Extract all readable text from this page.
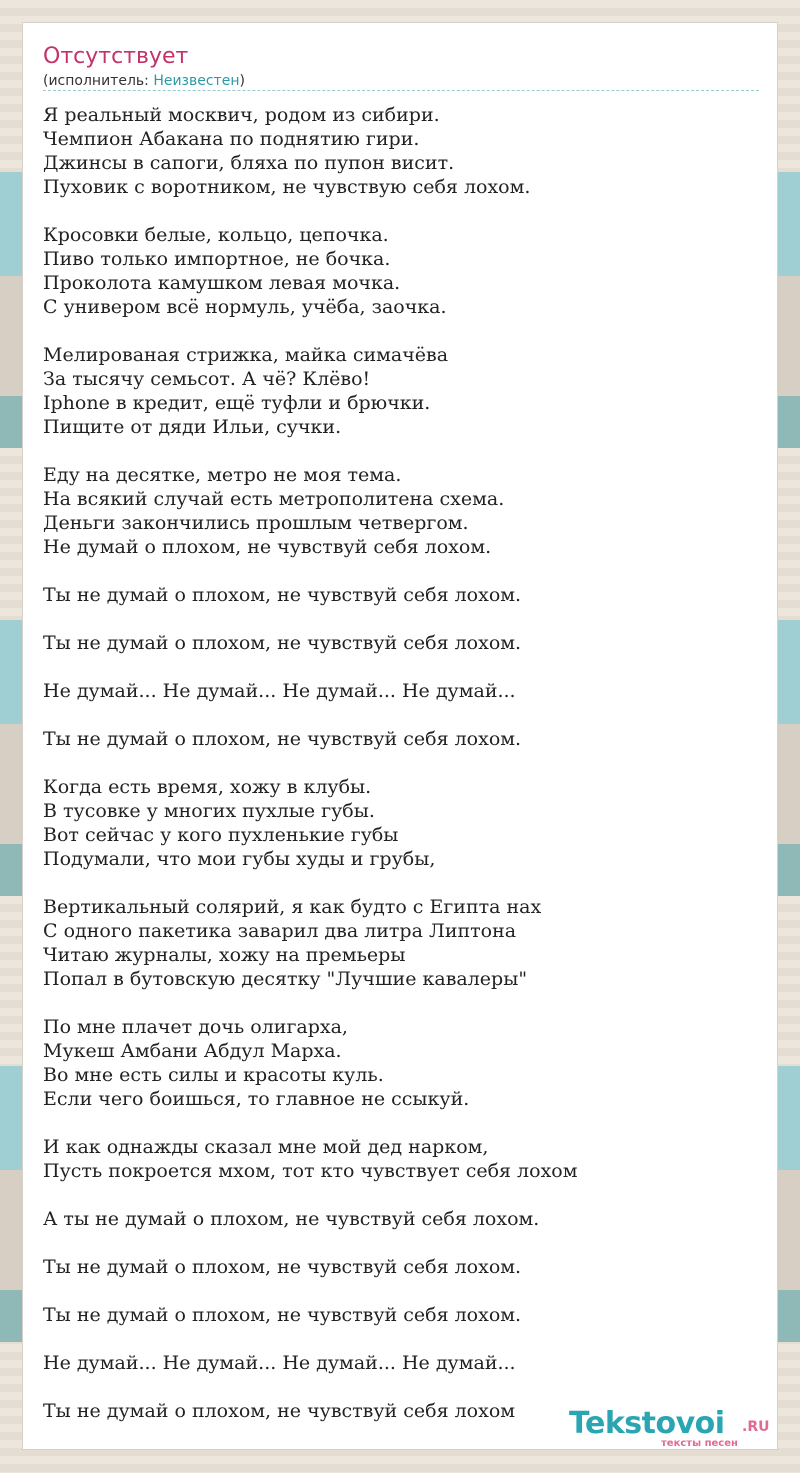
Отсутствует
(исполнитель: Неизвестен)
Я реальный москвич, родом из сибири.
Чемпион Абакана по поднятию гири.
Джинсы в сапоги, бляха по пупон висит.
Пуховик с воротником, не чувствую себя лохом.
Кросовки белые, кольцо, цепочка.
Пиво только импортное, не бочка.
Проколота камушком левая мочка.
С универом всё нормуль, учёба, заочка.
Мелированая стрижка, майка симачёва
За тысячу семьсот. А чё? Клёво!
Iphone в кредит, ещё туфли и брючки.
Пищите от дяди Ильи, сучки.
Еду на десятке, метро не моя тема.
На всякий случай есть метрополитена схема.
Деньги закончились прошлым четвергом.
Не думай о плохом, не чувствуй себя лохом.
Ты не думай о плохом, не чувствуй себя лохом.
Ты не думай о плохом, не чувствуй себя лохом.
Не думай... Не думай... Не думай... Не думай...
Ты не думай о плохом, не чувствуй себя лохом.
Когда есть время, хожу в клубы.
В тусовке у многих пухлые губы.
Вот сейчас у кого пухленькие губы
Подумали, что мои губы худы и грубы,
Вертикальный солярий, я как будто с Египта нах
С одного пакетика заварил два литра Липтона
Читаю журналы, хожу на премьеры
Попал в бутовскую десятку "Лучшие кавалеры"
По мне плачет дочь олигарха,
Мукеш Амбани Абдул Марха.
Во мне есть силы и красоты куль.
Если чего боишься, то главное не ссыкуй.
И как однажды сказал мне мой дед нарком,
Пусть покроется мхом, тот кто чувствует себя лохом
А ты не думай о плохом, не чувствуй себя лохом.
Ты не думай о плохом, не чувствуй себя лохом.
Ты не думай о плохом, не чувствуй себя лохом.
Не думай... Не думай... Не думай... Не думай...
Ты не думай о плохом, не чувствуй себя лохом	Tekstovoi .RU
тексты песен
